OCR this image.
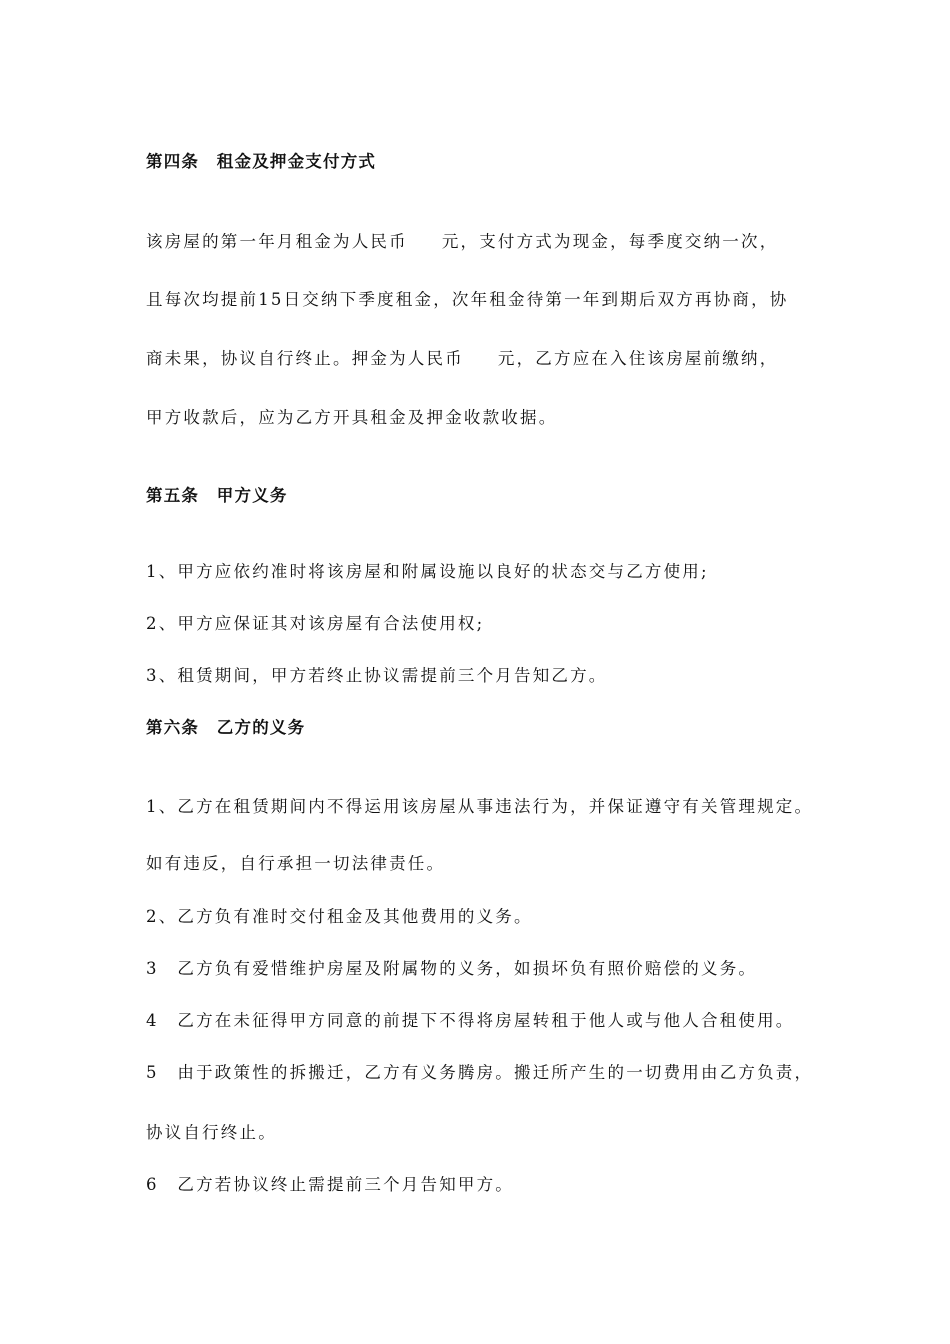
第四条　租金及押金支付方式
该房屋的第一年月租金为人民币 元，支付方式为现金，每季度交纳一次，
且每次均提前15日交纳下季度租金，次年租金待第一年到期后双方再协商，协
商未果，协议自行终止。押金为人民币 元，乙方应在入住该房屋前缴纳，
甲方收款后，应为乙方开具租金及押金收款收据。
第五条　甲方义务
1、甲方应依约准时将该房屋和附属设施以良好的状态交与乙方使用;
2、甲方应保证其对该房屋有合法使用权;
3、租赁期间，甲方若终止协议需提前三个月告知乙方。
第六条　乙方的义务
1、乙方在租赁期间内不得运用该房屋从事违法行为，并保证遵守有关管理规定。
如有违反，自行承担一切法律责任。
2、乙方负有准时交付租金及其他费用的义务。
3　乙方负有爱惜维护房屋及附属物的义务，如损坏负有照价赔偿的义务。
4　乙方在未征得甲方同意的前提下不得将房屋转租于他人或与他人合租使用。
5　由于政策性的拆搬迁，乙方有义务腾房。搬迁所产生的一切费用由乙方负责，
协议自行终止。
6　乙方若协议终止需提前三个月告知甲方。
